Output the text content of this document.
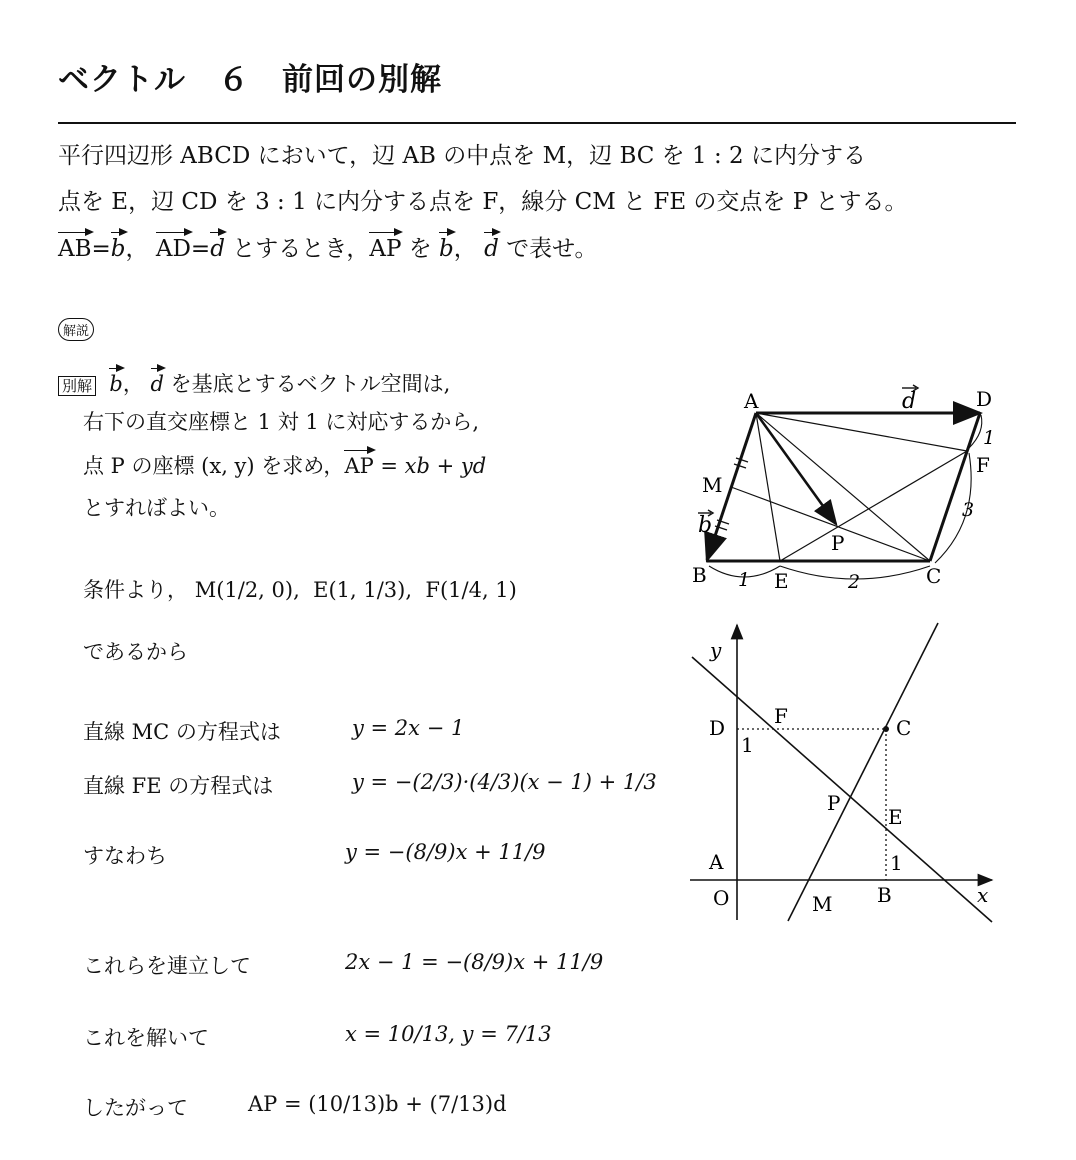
ベクトル　６　前回の別解
平行四辺形 ABCD において，辺 AB の中点を M，辺 BC を 1 : 2 に内分する
点を E，辺 CD を 3 : 1 に内分する点を F，線分 CM と FE の交点を P とする。
AB=b， AD=d とするとき，AP を b， d で表せ。
解説
別解 b， d を基底とするベクトル空間は,
右下の直交座標と 1 対 1 に対応するから,
点 P の座標 (x, y) を求め，AP = xb + yd
とすればよい。
条件より， M(1/2, 0), E(1, 1/3), F(1/4, 1)
であるから
直線 MC の方程式は	y = 2x − 1
直線 FE の方程式は	y = −(2/3)·(4/3)(x − 1) + 1/3
すなわち	y = −(8/9)x + 11/9
これらを連立して	2x − 1 = −(8/9)x + 11/9
これを解いて	x = 10/13, y = 7/13
したがって	AP = (10/13)b + (7/13)d
A	D
B	C
E
F
M
P
d
b
1	2
3
1
y
x
O
A
B
C
D
E
F
M
P
1
1
